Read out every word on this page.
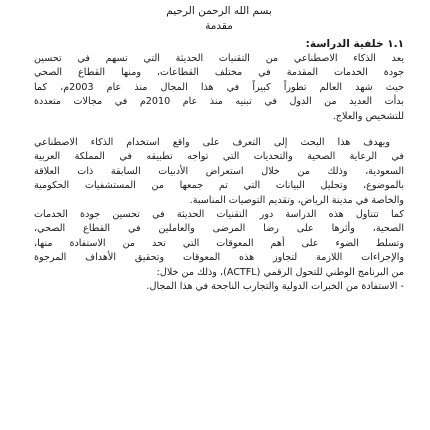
بسم الله الرحمن الرحيم
مقدمة
١.١ خلفية الدراسة:

يعد الذكاء الاصطناعي من التقنيات الحديثة التي تسهم في تحسين
جودة الخدمات المقدمة في مختلف القطاعات، ومنها القطاع الصحي
حيث شهد العالم تطوراً كبيراً في هذا المجال منذ عام 2003م، كما
بدأت العديد من الدول في تبنيه منذ عام 2010م في مجالات متعددة
للتشخيص والعلاج.

ويهدف هذا البحث إلى التعرف على واقع استخدام الذكاء الاصطناعي
في الرعاية الصحية والتحديات التي تواجه تطبيقه في المملكة العربية
السعودية، وذلك من خلال استعراض الأدبيات السابقة ذات العلاقة
بالموضوع، وتحليل البيانات التي تم جمعها من المستشفيات الحكومية
والخاصة في مدينة الرياض، وتقديم التوصيات المناسبة.

كما تتناول هذه الدراسة دور التقنيات الحديثة في تحسين جودة الخدمات
الصحية، وأثرها على رضا المرضى والعاملين في القطاع الصحي،
وتسلط الضوء على أهم المعوقات التي تحد من الاستفادة منها،
والإجراءات اللازمة لتجاوز هذه المعوقات وتحقيق الأهداف المرجوة
من البرنامج الوطني للتحول الرقمي (ACTFL)، وذلك من خلال:
- الاستفادة من الخبرات الدولية والتجارب الناجحة في هذا المجال.
